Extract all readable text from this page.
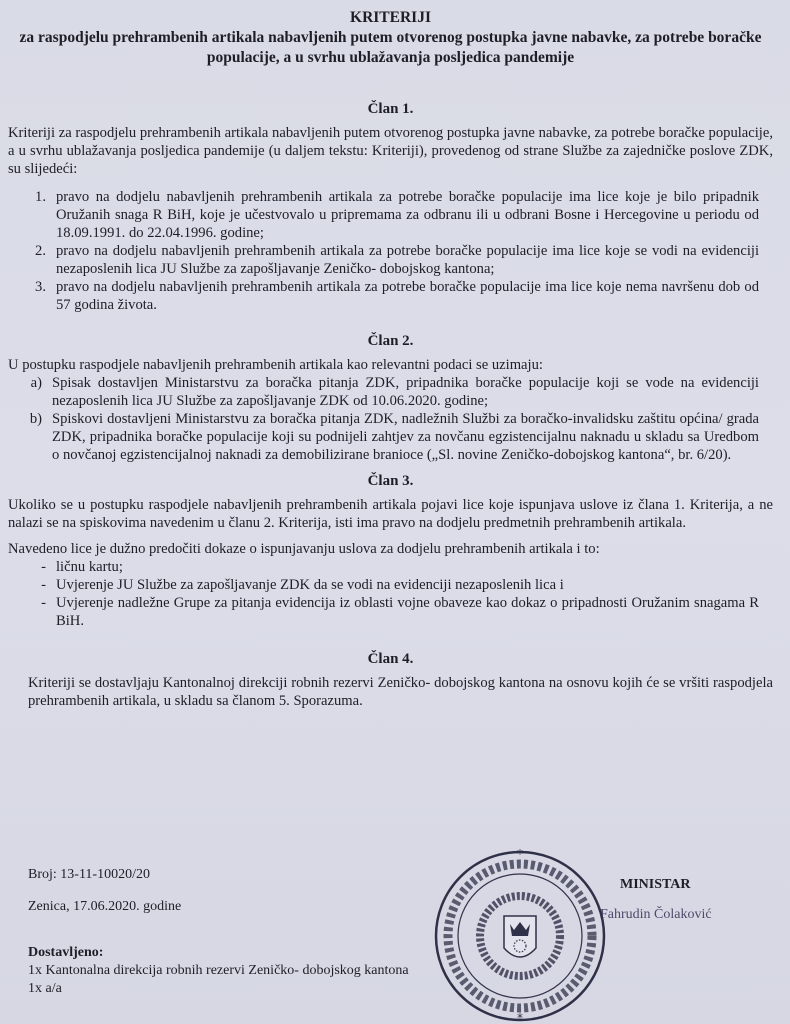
KRITERIJI
za raspodjelu prehrambenih artikala nabavljenih putem otvorenog postupka javne nabavke, za potrebe boračke populacije, a u svrhu ublažavanja posljedica pandemije
Član 1.

Kriteriji za raspodjelu prehrambenih artikala nabavljenih putem otvorenog postupka javne nabavke, za potrebe boračke populacije, a u svrhu ublažavanja posljedica pandemije (u daljem tekstu: Kriteriji), provedenog od strane Službe za zajedničke poslove ZDK, su slijedeći:

1. pravo na dodjelu nabavljenih prehrambenih artikala za potrebe boračke populacije ima lice koje je bilo pripadnik Oružanih snaga R BiH, koje je učestvovalo u pripremama za odbranu ili u odbrani Bosne i Hercegovine u periodu od 18.09.1991. do 22.04.1996. godine;
2. pravo na dodjelu nabavljenih prehrambenih artikala za potrebe boračke populacije ima lice koje se vodi na evidenciji nezaposlenih lica JU Službe za zapošljavanje Zeničko- dobojskog kantona;
3. pravo na dodjelu nabavljenih prehrambenih artikala za potrebe boračke populacije ima lice koje nema navršenu dob od 57 godina života.
Član 2.

U postupku raspodjele nabavljenih prehrambenih artikala kao relevantni podaci se uzimaju:

a) Spisak dostavljen Ministarstvu za boračka pitanja ZDK, pripadnika boračke populacije koji se vode na evidenciji nezaposlenih lica JU Službe za zapošljavanje ZDK od 10.06.2020. godine;
b) Spiskovi dostavljeni Ministarstvu za boračka pitanja ZDK, nadležnih Službi za boračko-invalidsku zaštitu općina/ grada ZDK, pripadnika boračke populacije koji su podnijeli zahtjev za novčanu egzistencijalnu naknadu u skladu sa Uredbom o novčanoj egzistencijalnoj naknadi za demobilizirane branioce („Sl. novine Zeničko-dobojskog kantona“, br. 6/20).
Član 3.

Ukoliko se u postupku raspodjele nabavljenih prehrambenih artikala pojavi lice koje ispunjava uslove iz člana 1. Kriterija, a ne nalazi se na spiskovima navedenim u članu 2. Kriterija, isti ima pravo na dodjelu predmetnih prehrambenih artikala.

Navedeno lice je dužno predočiti dokaze o ispunjavanju uslova za dodjelu prehrambenih artikala i to:

- ličnu kartu;
- Uvjerenje JU Službe za zapošljavanje ZDK da se vodi na evidenciji nezaposlenih lica i
- Uvjerenje nadležne Grupe za pitanja evidencija iz oblasti vojne obaveze kao dokaz o pripadnosti Oružanim snagama R BiH.
Član 4.

Kriteriji se dostavljaju Kantonalnoj direkciji robnih rezervi Zeničko- dobojskog kantona na osnovu kojih će se vršiti raspodjela prehrambenih artikala, u skladu sa članom 5. Sporazuma.

Broj: 13-11-10020/20
Zenica, 17.06.2020. godine
Dostavljeno:
1x Kantonalna direkcija robnih rezervi Zeničko- dobojskog kantona
1x a/a
MINISTAR
Fahrudin Čolaković
*
*
